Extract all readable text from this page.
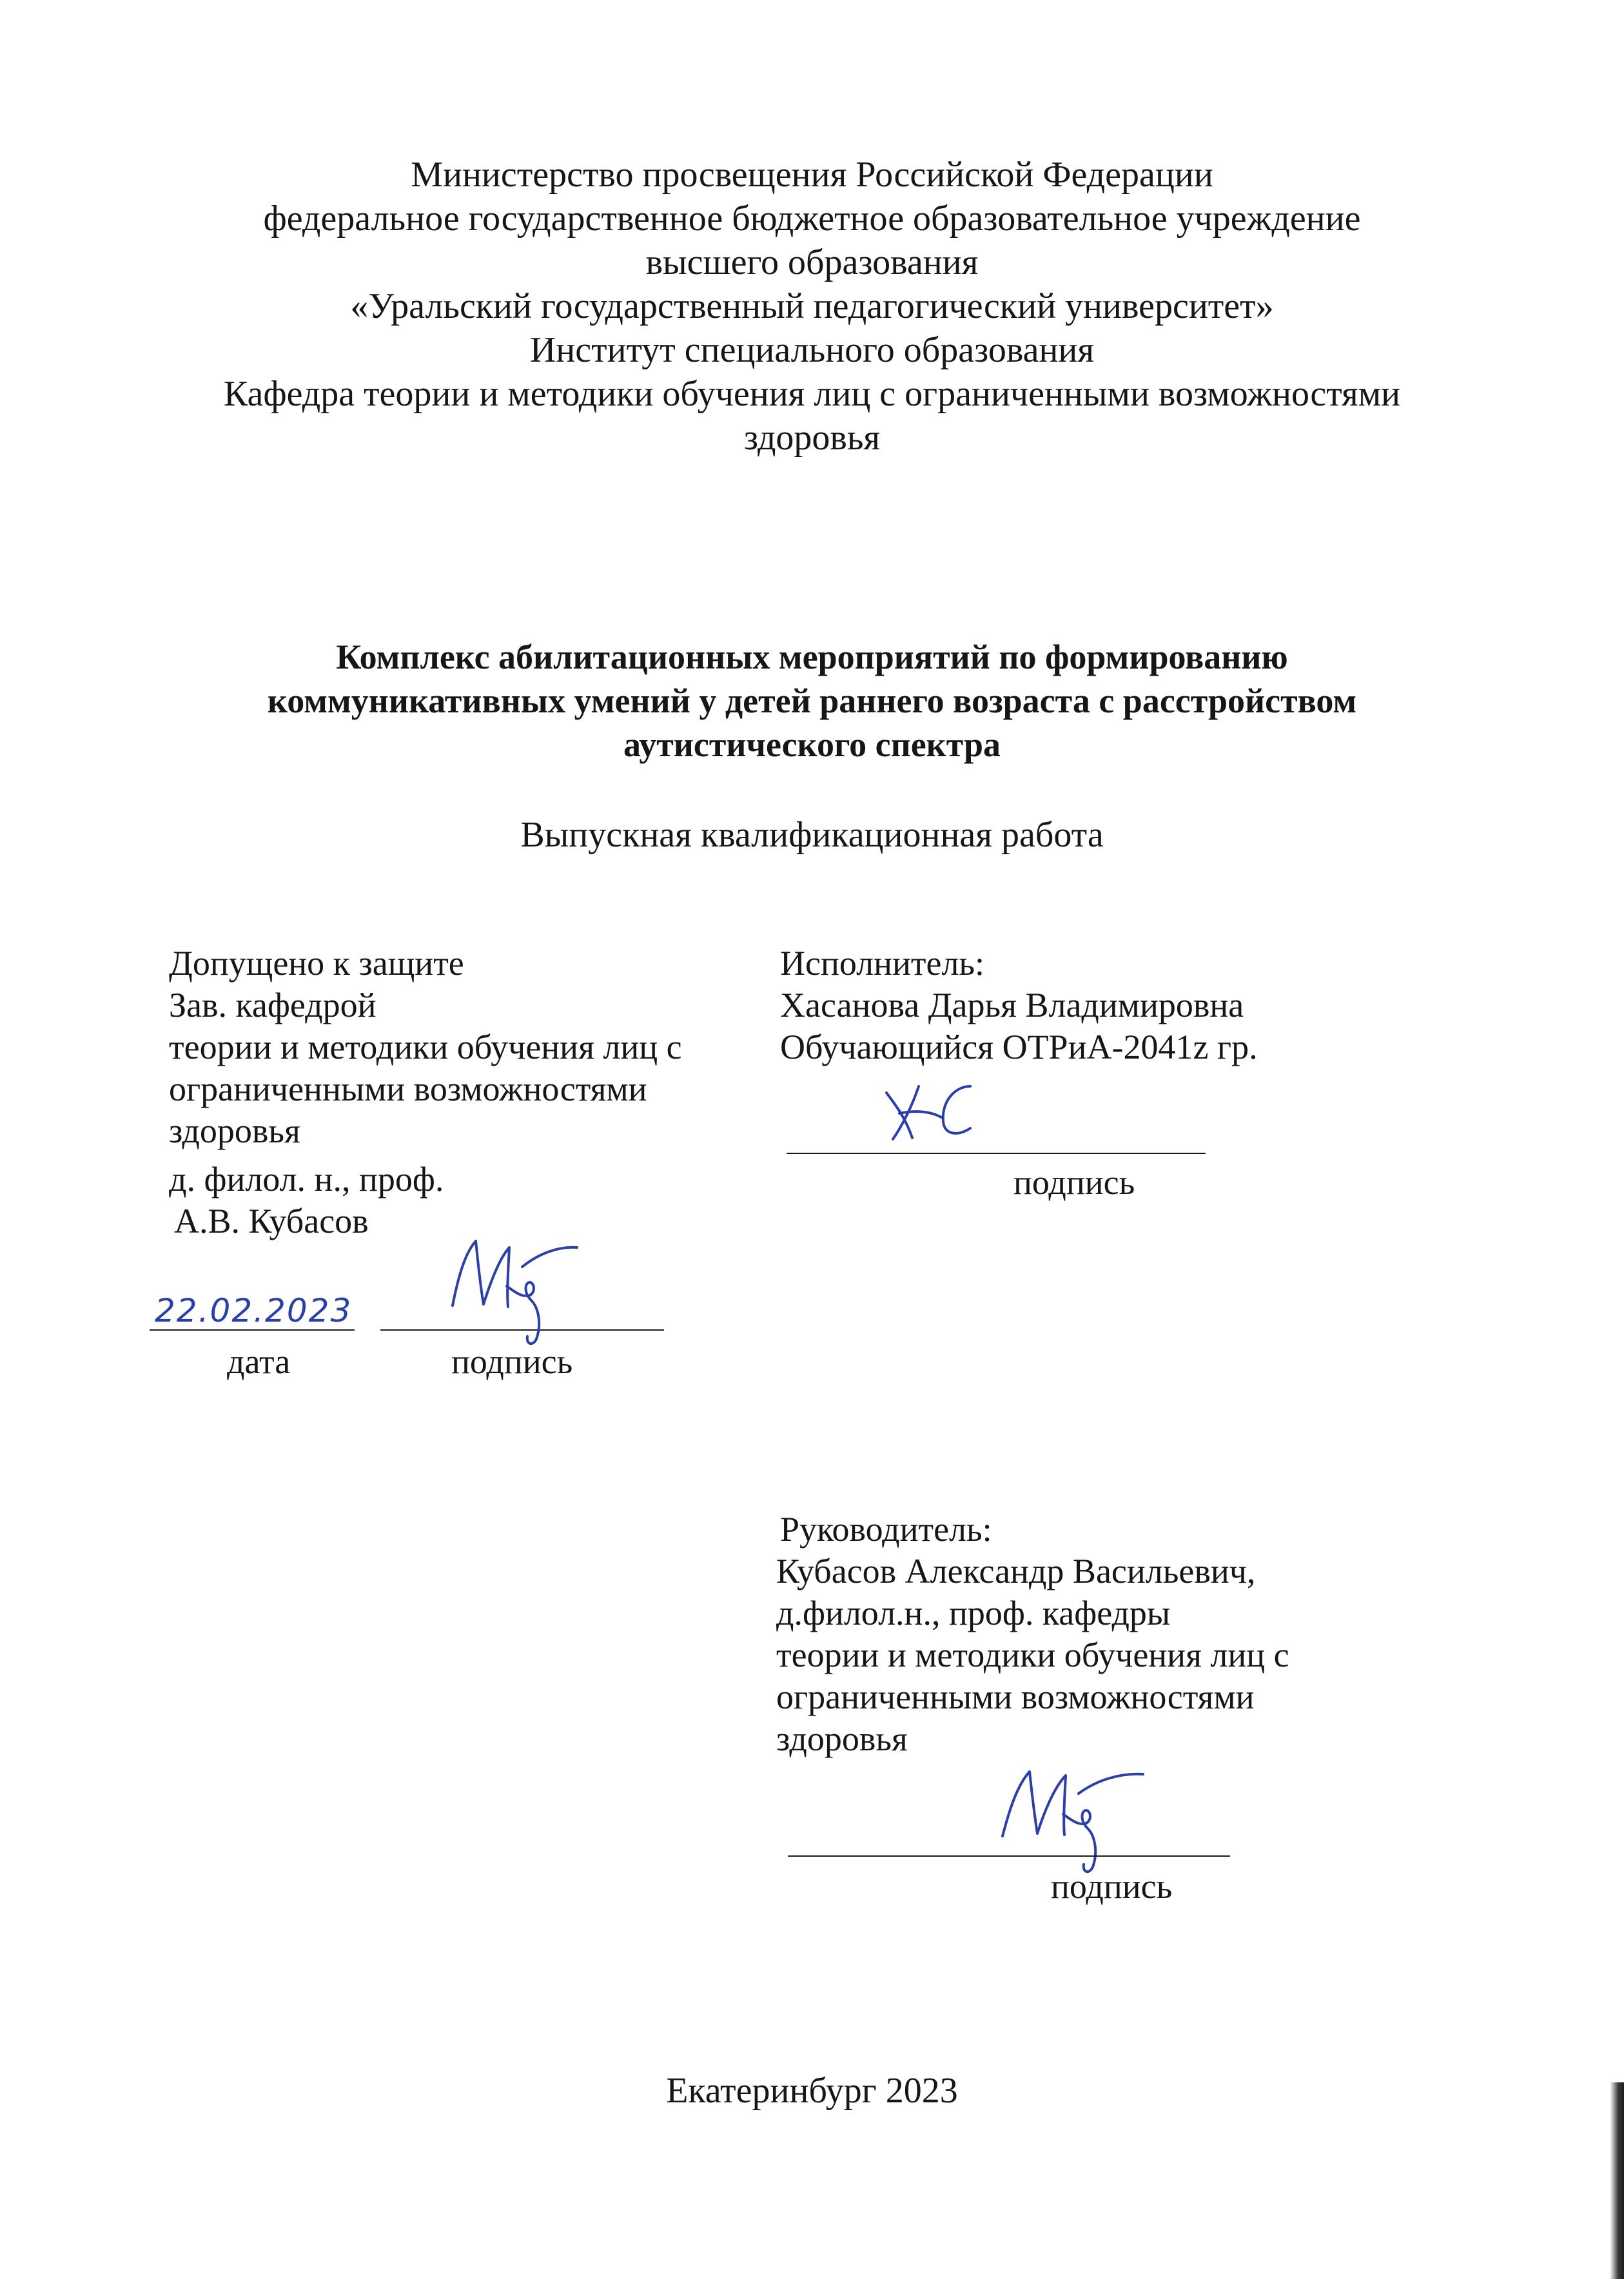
Министерство просвещения Российской Федерации
федеральное государственное бюджетное образовательное учреждение
высшего образования
«Уральский государственный педагогический университет»
Институт специального образования
Кафедра теории и методики обучения лиц с ограниченными возможностями
здоровья
Комплекс абилитационных мероприятий по формированию
коммуникативных умений у детей раннего возраста с расстройством
аутистического спектра
Выпускная квалификационная работа
Допущено к защите
Зав. кафедрой
теории и методики обучения лиц с
ограниченными возможностями
здоровья
д. филол. н., проф.
А.В. Кубасов
22.02.2023
дата	подпись
Исполнитель:
Хасанова Дарья Владимировна
Обучающийся ОТРиА-2041z гр.
подпись
Руководитель:
Кубасов Александр Васильевич,
д.филол.н., проф. кафедры
теории и методики обучения лиц с
ограниченными возможностями
здоровья
подпись
Екатеринбург 2023
